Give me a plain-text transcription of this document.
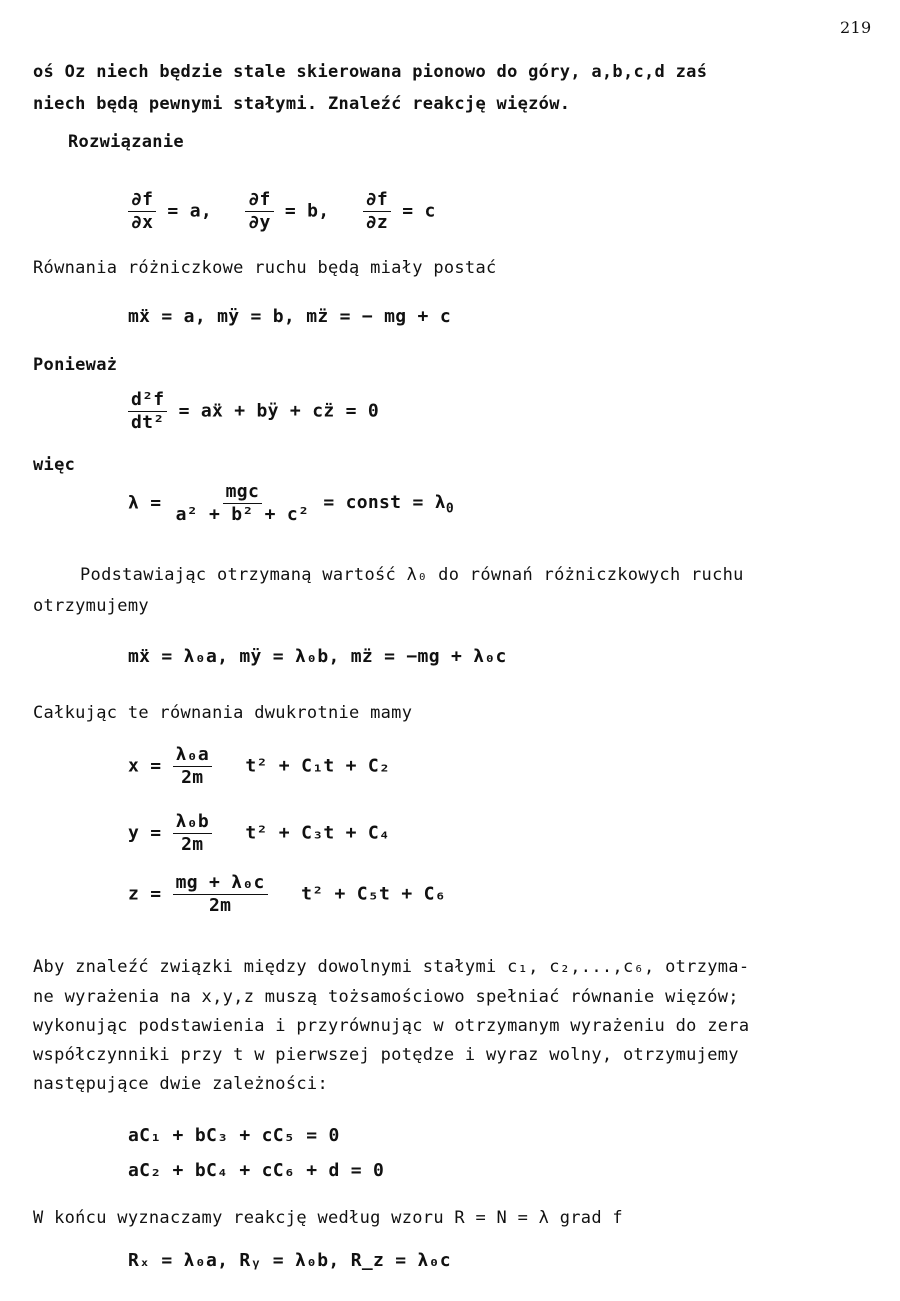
219
oś Oz niech będzie stale skierowana pionowo do góry, a,b,c,d zaś
niech będą pewnymi stałymi. Znaleźć reakcję więzów.
Rozwiązanie
$\frac{\partial f}{\partial x} = a$, $\frac{\partial f}{\partial y} = b$, $\frac{\partial f}{\partial z} = c$
Równania różniczkowe ruchu będą miały postać
mẍ = a, mÿ = b, mz̈ = − mg + c
Ponieważ
$\frac{\text{d²f}}{\text{dt²}}$ = aẍ + bÿ + cz̈ = 0
więc
$\lambda = \frac{\text{mgc}}{\text{a² + b² + c²}}$ = const = $\lambda_0$
Podstawiając otrzymaną wartość λ₀ do równań różniczkowych ruchu
otrzymujemy
mẍ = λ₀a, mÿ = λ₀b, mz̈ = −mg + λ₀c
Całkując te równania dwukrotnie mamy
$x = \frac{\text{λ₀a}}{2m} t^2 + C_1t + C_2$
$y = \frac{\text{λ₀b}}{2m} t^2 + C_3t + C_4$
$z = \frac{\text{mg + λ₀c}}{2m} t^2 + C_5t + C_6$
Aby znaleźć związki między dowolnymi stałymi c₁, c₂,...,c₆, otrzyma-
ne wyrażenia na x,y,z muszą tożsamościowo spełniać równanie więzów;
wykonując podstawienia i przyrównując w otrzymanym wyrażeniu do zera
współczynniki przy t w pierwszej potędze i wyraz wolny, otrzymujemy
następujące dwie zależności:
aC₁ + bC₃ + cC₅ = 0
aC₂ + bC₄ + cC₆ + d = 0
W końcu wyznaczamy reakcję według wzoru R = N = λ grad f
Rₓ = λ₀a, Rᵧ = λ₀b, R_z = λ₀c
